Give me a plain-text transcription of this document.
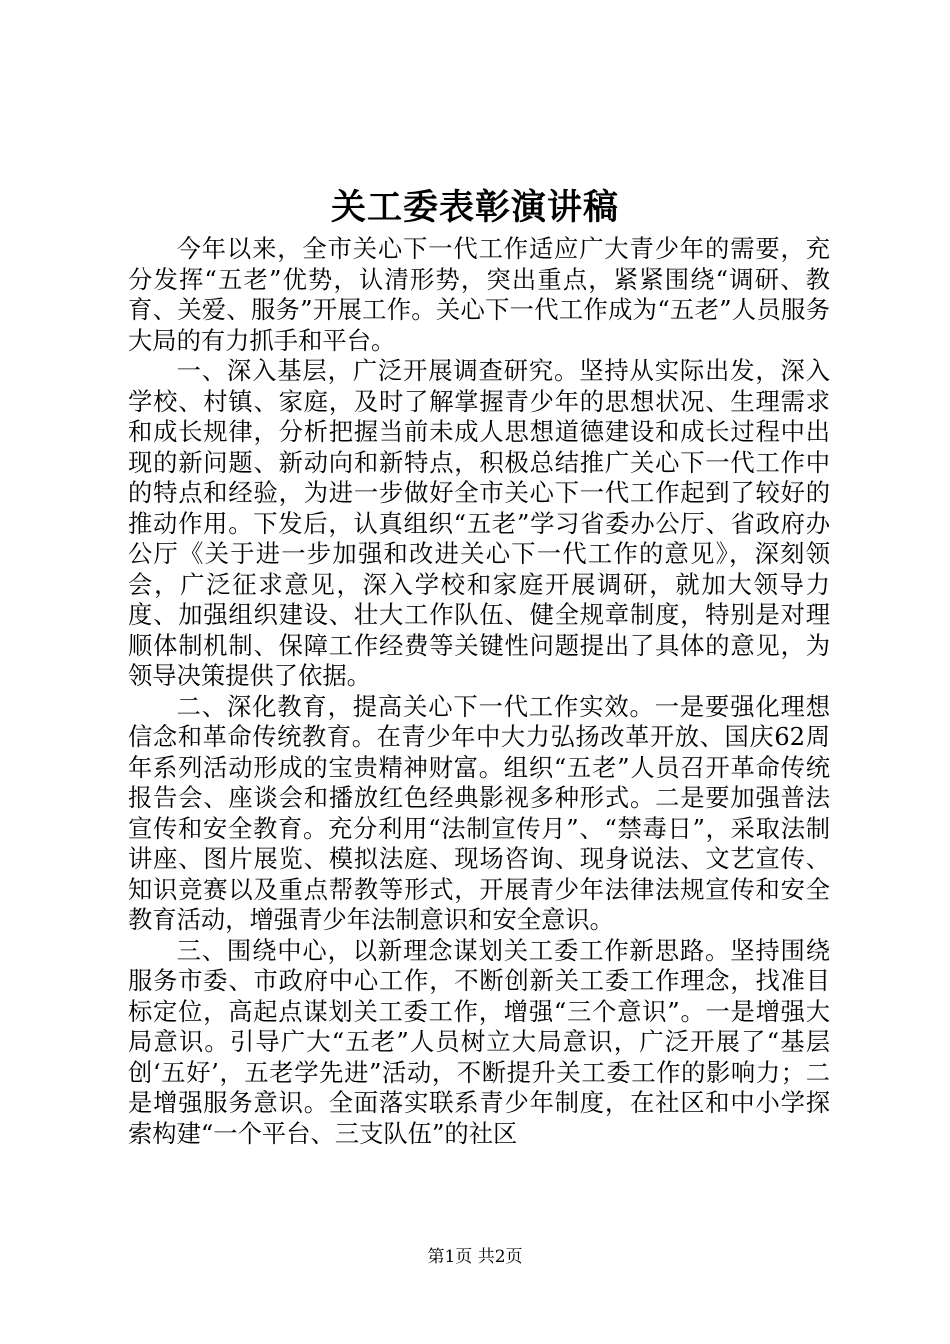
关工委表彰演讲稿

今年以来，全市关心下一代工作适应广大青少年的需要，充分发挥“五老”优势，认清形势，突出重点，紧紧围绕“调研、教育、关爱、服务”开展工作。关心下一代工作成为“五老”人员服务大局的有力抓手和平台。

一、深入基层，广泛开展调查研究。坚持从实际出发，深入学校、村镇、家庭，及时了解掌握青少年的思想状况、生理需求和成长规律，分析把握当前未成人思想道德建设和成长过程中出现的新问题、新动向和新特点，积极总结推广关心下一代工作中的特点和经验，为进一步做好全市关心下一代工作起到了较好的推动作用。下发后，认真组织“五老”学习省委办公厅、省政府办公厅《关于进一步加强和改进关心下一代工作的意见》，深刻领会，广泛征求意见，深入学校和家庭开展调研，就加大领导力度、加强组织建设、壮大工作队伍、健全规章制度，特别是对理顺体制机制、保障工作经费等关键性问题提出了具体的意见，为领导决策提供了依据。

二、深化教育，提高关心下一代工作实效。一是要强化理想信念和革命传统教育。在青少年中大力弘扬改革开放、国庆62周年系列活动形成的宝贵精神财富。组织“五老”人员召开革命传统报告会、座谈会和播放红色经典影视多种形式。二是要加强普法宣传和安全教育。充分利用“法制宣传月”、“禁毒日”，采取法制讲座、图片展览、模拟法庭、现场咨询、现身说法、文艺宣传、知识竞赛以及重点帮教等形式，开展青少年法律法规宣传和安全教育活动，增强青少年法制意识和安全意识。

三、围绕中心，以新理念谋划关工委工作新思路。坚持围绕服务市委、市政府中心工作，不断创新关工委工作理念，找准目标定位，高起点谋划关工委工作，增强“三个意识”。一是增强大局意识。引导广大“五老”人员树立大局意识，广泛开展了“基层创‘五好’，五老学先进”活动，不断提升关工委工作的影响力；二是增强服务意识。全面落实联系青少年制度，在社区和中小学探索构建“一个平台、三支队伍”的社区

第1页 共2页
